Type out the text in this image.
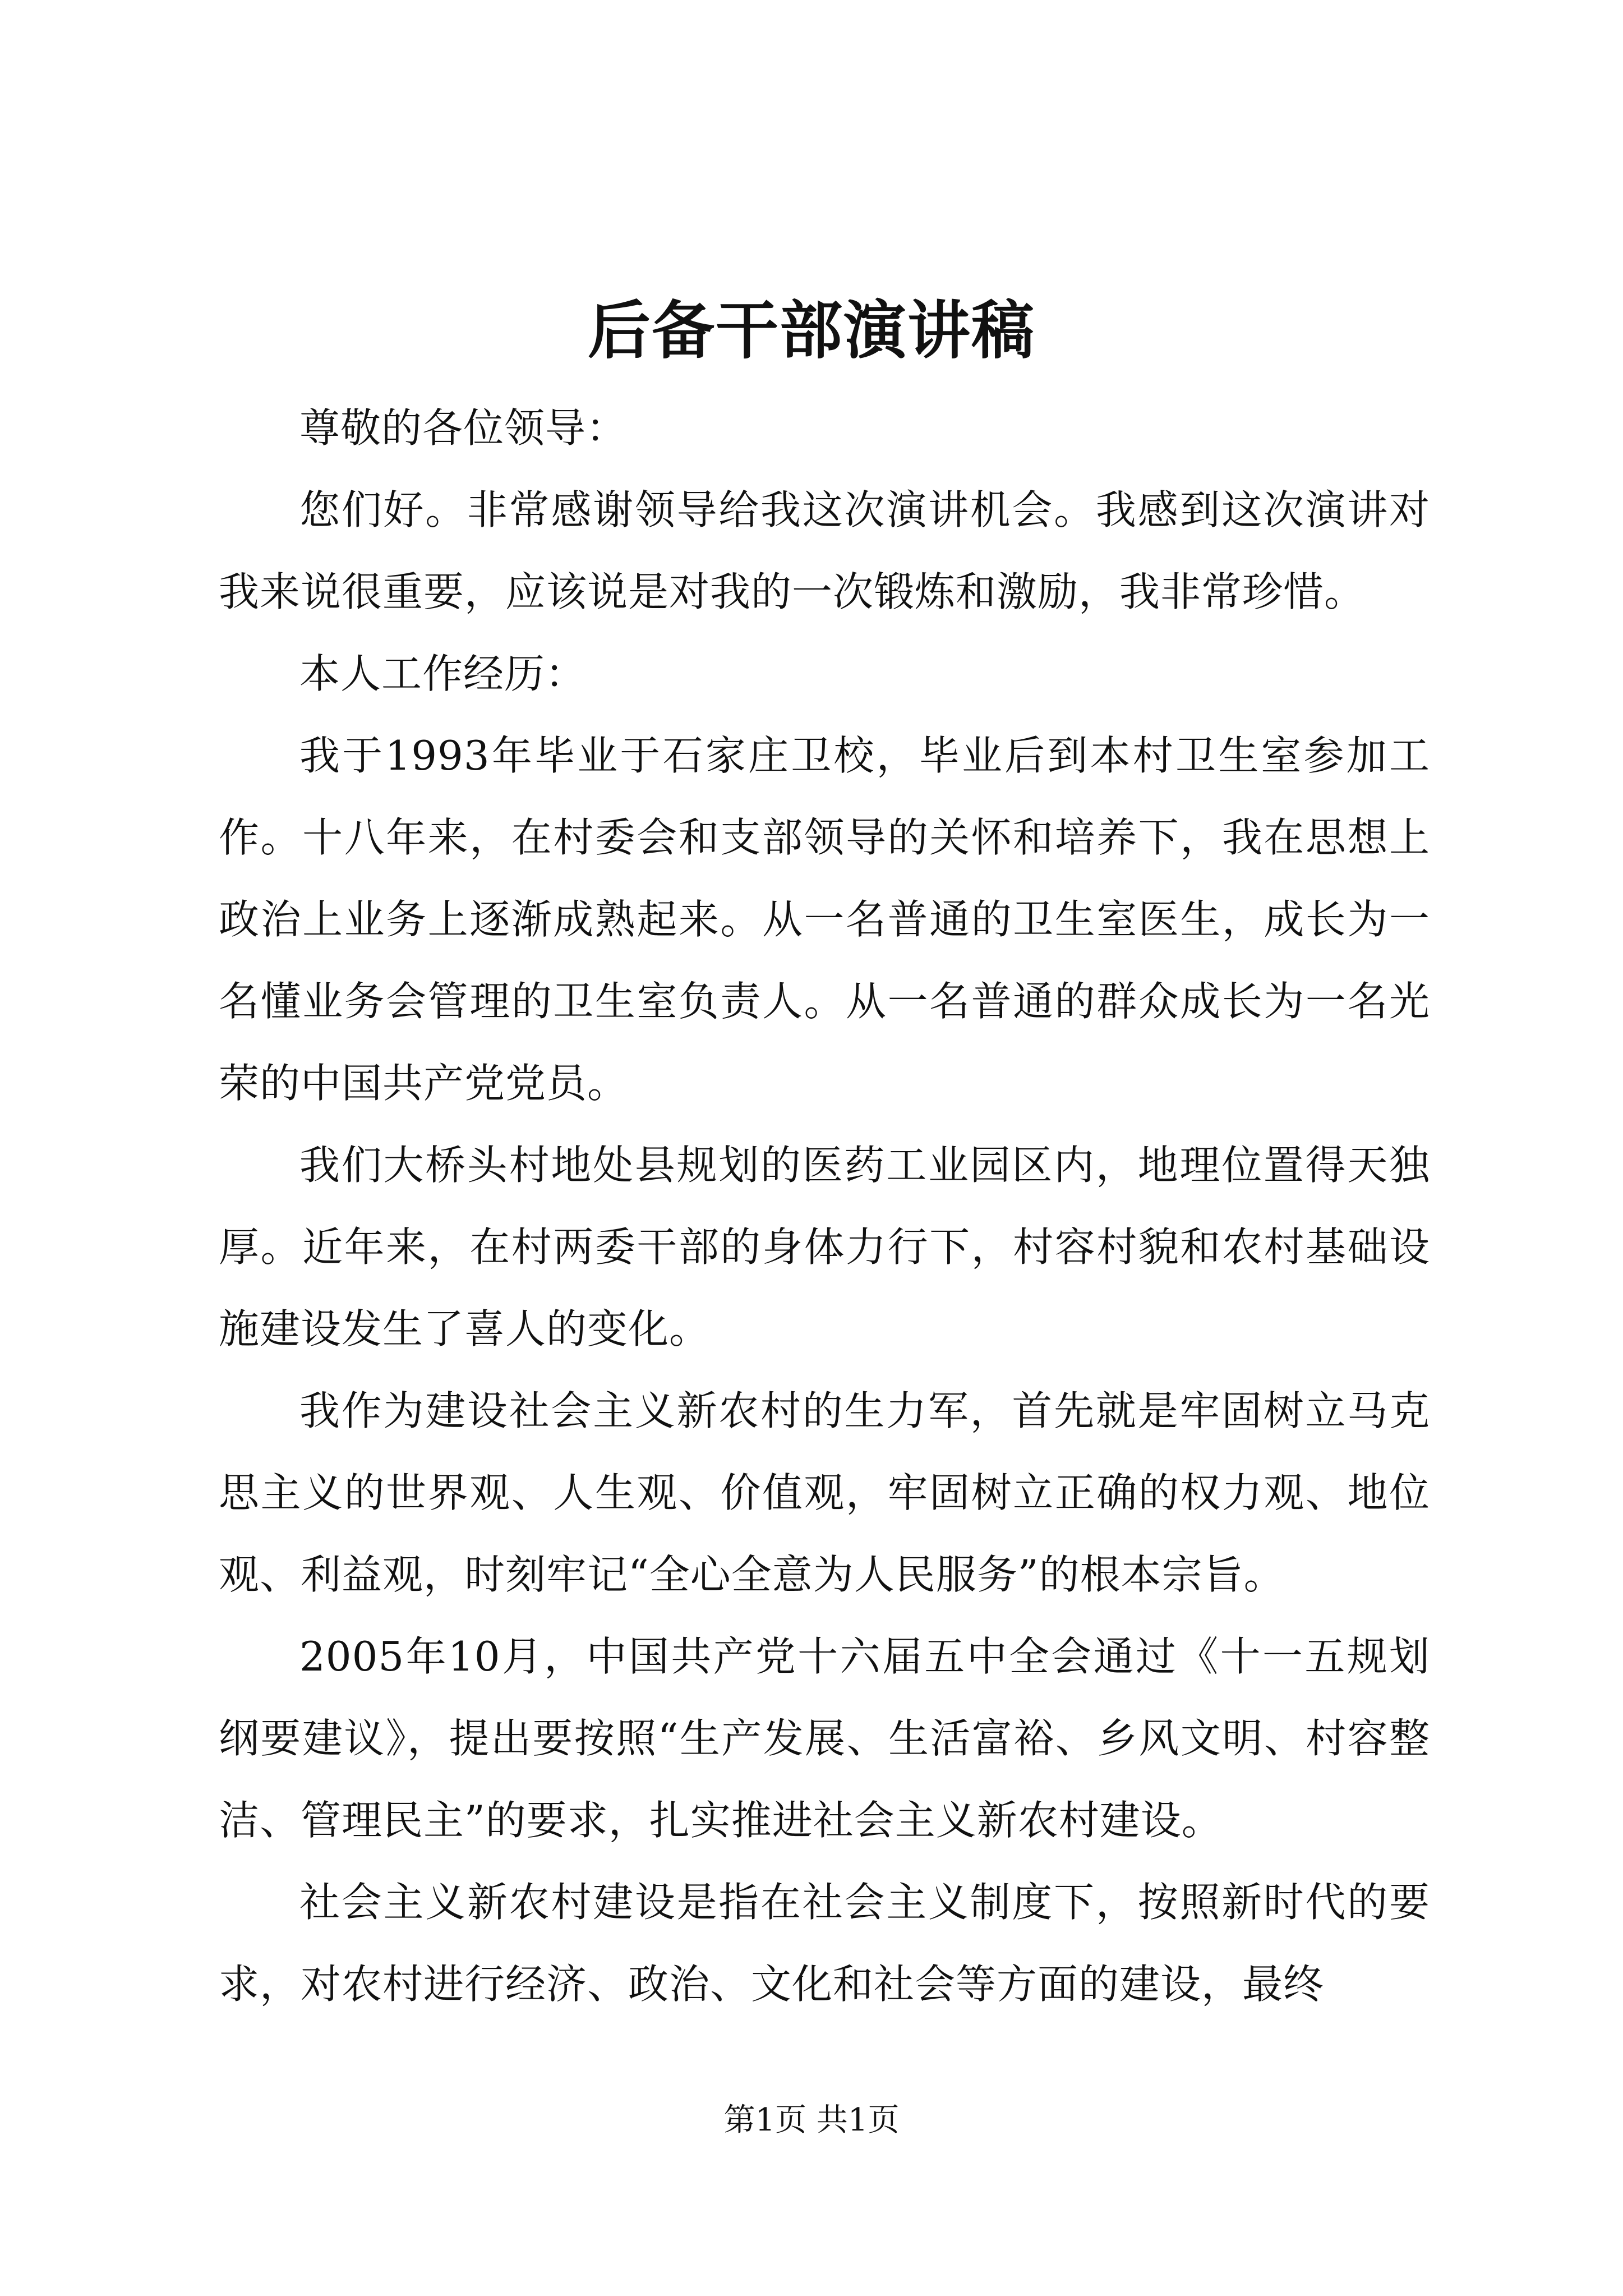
后备干部演讲稿

尊敬的各位领导：

您们好。非常感谢领导给我这次演讲机会。我感到这次演讲对我来说很重要，应该说是对我的一次锻炼和激励，我非常珍惜。

本人工作经历：

我于1993年毕业于石家庄卫校，毕业后到本村卫生室参加工作。十八年来，在村委会和支部领导的关怀和培养下，我在思想上政治上业务上逐渐成熟起来。从一名普通的卫生室医生，成长为一名懂业务会管理的卫生室负责人。从一名普通的群众成长为一名光荣的中国共产党党员。

我们大桥头村地处县规划的医药工业园区内，地理位置得天独厚。近年来，在村两委干部的身体力行下，村容村貌和农村基础设施建设发生了喜人的变化。

我作为建设社会主义新农村的生力军，首先就是牢固树立马克思主义的世界观、人生观、价值观，牢固树立正确的权力观、地位观、利益观，时刻牢记“全心全意为人民服务”的根本宗旨。

2005年10月，中国共产党十六届五中全会通过《十一五规划纲要建议》，提出要按照“生产发展、生活富裕、乡风文明、村容整洁、管理民主”的要求，扎实推进社会主义新农村建设。

社会主义新农村建设是指在社会主义制度下，按照新时代的要求，对农村进行经济、政治、文化和社会等方面的建设，最终

第1页 共1页
